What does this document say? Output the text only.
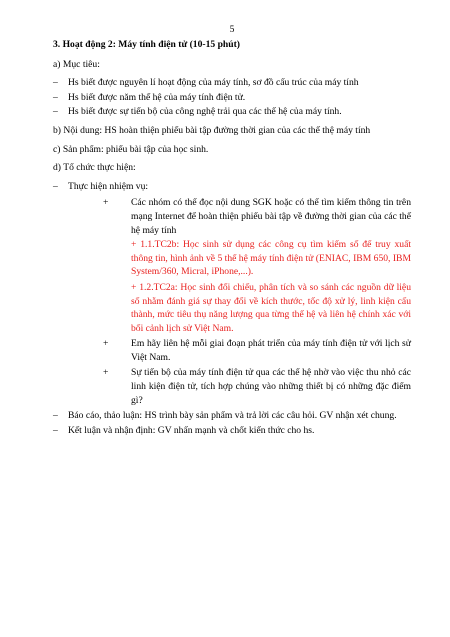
5
3. Hoạt động 2: Máy tính điện tử (10-15 phút)
a) Mục tiêu:
– Hs biết được nguyên lí hoạt động của máy tính, sơ đồ cấu trúc của máy tính
– Hs biết được năm thế hệ của máy tính điện tử.
– Hs biết được sự tiến bộ của công nghệ trải qua các thế hệ của máy tính.
b) Nội dung: HS hoàn thiện phiếu bài tập đường thời gian của các thế thệ máy tính
c) Sản phẩm: phiếu bài tập của học sinh.
d) Tổ chức thực hiện:
– Thực hiện nhiệm vụ:
+ Các nhóm có thể đọc nội dung SGK hoặc có thể tìm kiếm thông tin trên mạng Internet để hoàn thiện phiếu bài tập về đường thời gian của các thế hệ máy tính
+ 1.1.TC2b: Học sinh sử dụng các công cụ tìm kiếm số để truy xuất thông tin, hình ảnh về 5 thế hệ máy tính điện tử (ENIAC, IBM 650, IBM System/360, Micral, iPhone,...).
+ 1.2.TC2a: Học sinh đối chiếu, phân tích và so sánh các nguồn dữ liệu số nhằm đánh giá sự thay đổi về kích thước, tốc độ xử lý, linh kiện cấu thành, mức tiêu thụ năng lượng qua từng thế hệ và liên hệ chính xác với bối cảnh lịch sử Việt Nam.
+ Em hãy liên hệ mỗi giai đoạn phát triển của máy tính điện tử với lịch sử Việt Nam.
+ Sự tiến bộ của máy tính điện tử qua các thế hệ nhờ vào việc thu nhỏ các linh kiện điện tử, tích hợp chúng vào những thiết bị có những đặc điểm gì?
– Báo cáo, thảo luận: HS trình bày sản phẩm và trả lời các câu hỏi. GV nhận xét chung.
– Kết luận và nhận định: GV nhấn mạnh và chốt kiến thức cho hs.
